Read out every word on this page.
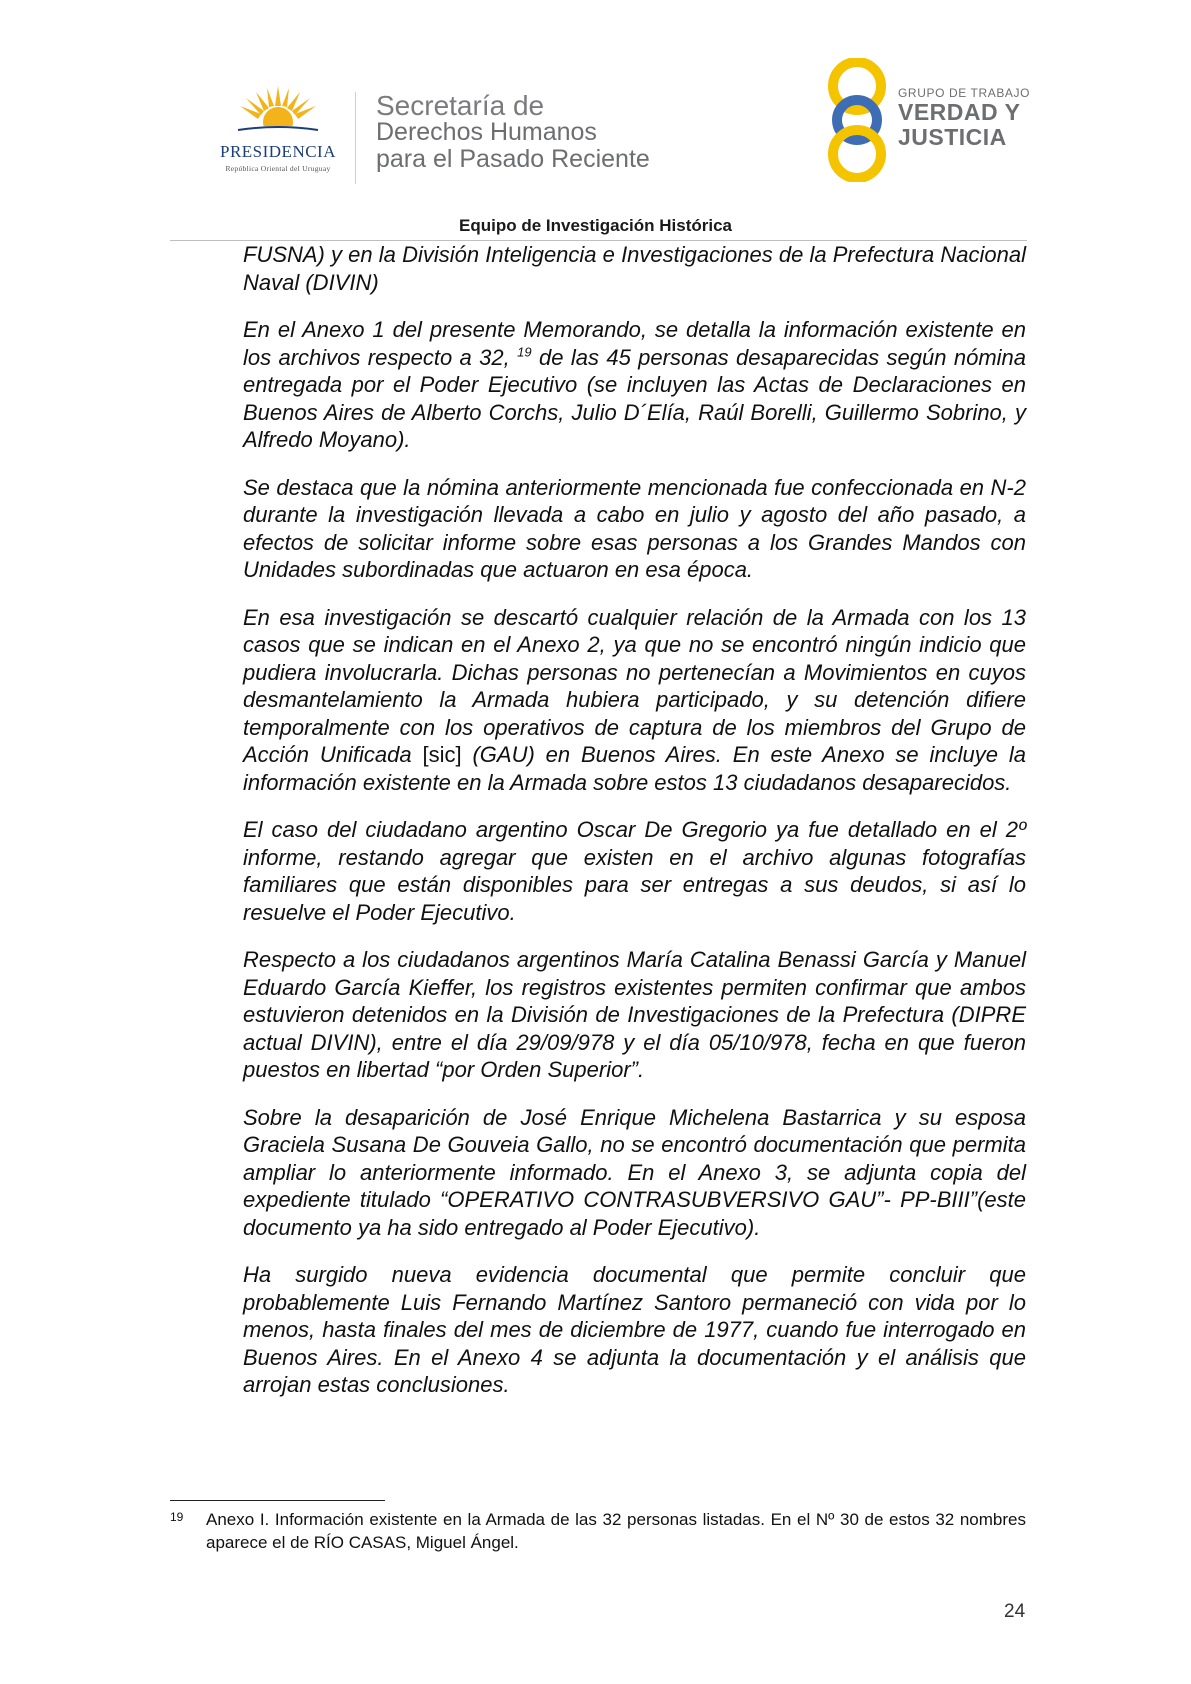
PRESIDENCIA
República Oriental del Uruguay
Secretaría de
Derechos Humanos
para el Pasado Reciente
GRUPO DE TRABAJO
VERDAD Y
JUSTICIA
Equipo de Investigación Histórica

FUSNA) y en la División Inteligencia e Investigaciones de la Prefectura Nacional Naval (DIVIN)

En el Anexo 1 del presente Memorando, se detalla la información existente en los archivos respecto a 32, $^{19}$ de las 45 personas desaparecidas según nómina entregada por el Poder Ejecutivo (se incluyen las Actas de Declaraciones en Buenos Aires de Alberto Corchs, Julio D´Elía, Raúl Borelli, Guillermo Sobrino, y Alfredo Moyano).

Se destaca que la nómina anteriormente mencionada fue confeccionada en N-2 durante la investigación llevada a cabo en julio y agosto del año pasado, a efectos de solicitar informe sobre esas personas a los Grandes Mandos con Unidades subordinadas que actuaron en esa época.

En esa investigación se descartó cualquier relación de la Armada con los 13 casos que se indican en el Anexo 2, ya que no se encontró ningún indicio que pudiera involucrarla. Dichas personas no pertenecían a Movimientos en cuyos desmantelamiento la Armada hubiera participado, y su detención difiere temporalmente con los operativos de captura de los miembros del Grupo de Acción Unificada [sic] (GAU) en Buenos Aires. En este Anexo se incluye la información existente en la Armada sobre estos 13 ciudadanos desaparecidos.

El caso del ciudadano argentino Oscar De Gregorio ya fue detallado en el 2º informe, restando agregar que existen en el archivo algunas fotografías familiares que están disponibles para ser entregas a sus deudos, si así lo resuelve el Poder Ejecutivo.

Respecto a los ciudadanos argentinos María Catalina Benassi García y Manuel Eduardo García Kieffer, los registros existentes permiten confirmar que ambos estuvieron detenidos en la División de Investigaciones de la Prefectura (DIPRE actual DIVIN), entre el día 29/09/978 y el día 05/10/978, fecha en que fueron puestos en libertad “por Orden Superior”.

Sobre la desaparición de José Enrique Michelena Bastarrica y su esposa Graciela Susana De Gouveia Gallo, no se encontró documentación que permita ampliar lo anteriormente informado. En el Anexo 3, se adjunta copia del expediente titulado “OPERATIVO CONTRASUBVERSIVO GAU”- PP-BIII”(este documento ya ha sido entregado al Poder Ejecutivo).

Ha surgido nueva evidencia documental que permite concluir que probablemente Luis Fernando Martínez Santoro permaneció con vida por lo menos, hasta finales del mes de diciembre de 1977, cuando fue interrogado en Buenos Aires. En el Anexo 4 se adjunta la documentación y el análisis que arrojan estas conclusiones.

19	Anexo I. Información existente en la Armada de las 32 personas listadas. En el Nº 30 de estos 32 nombres aparece el de RÍO CASAS, Miguel Ángel.
24
